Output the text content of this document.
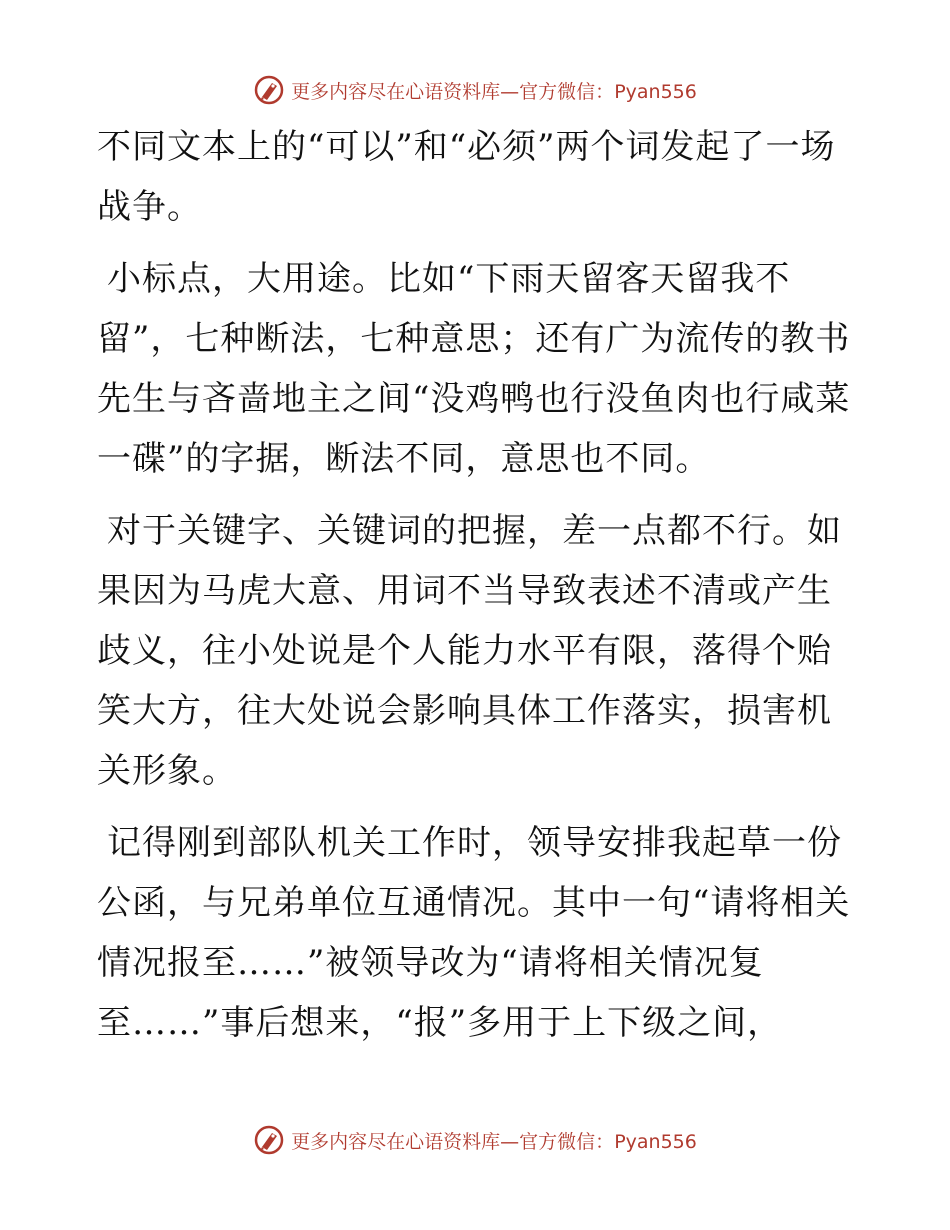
更多内容尽在心语资料库—官方微信：Pyan556

不同文本上的“可以”和“必须”两个词发起了一场战争。

小标点，大用途。比如“下雨天留客天留我不留”，七种断法，七种意思；还有广为流传的教书先生与吝啬地主之间“没鸡鸭也行没鱼肉也行咸菜一碟”的字据，断法不同，意思也不同。

对于关键字、关键词的把握，差一点都不行。如果因为马虎大意、用词不当导致表述不清或产生歧义，往小处说是个人能力水平有限，落得个贻笑大方，往大处说会影响具体工作落实，损害机关形象。

记得刚到部队机关工作时，领导安排我起草一份公函，与兄弟单位互通情况。其中一句“请将相关情况报至……”被领导改为“请将相关情况复至……”事后想来，“报”多用于上下级之间，

更多内容尽在心语资料库—官方微信：Pyan556
